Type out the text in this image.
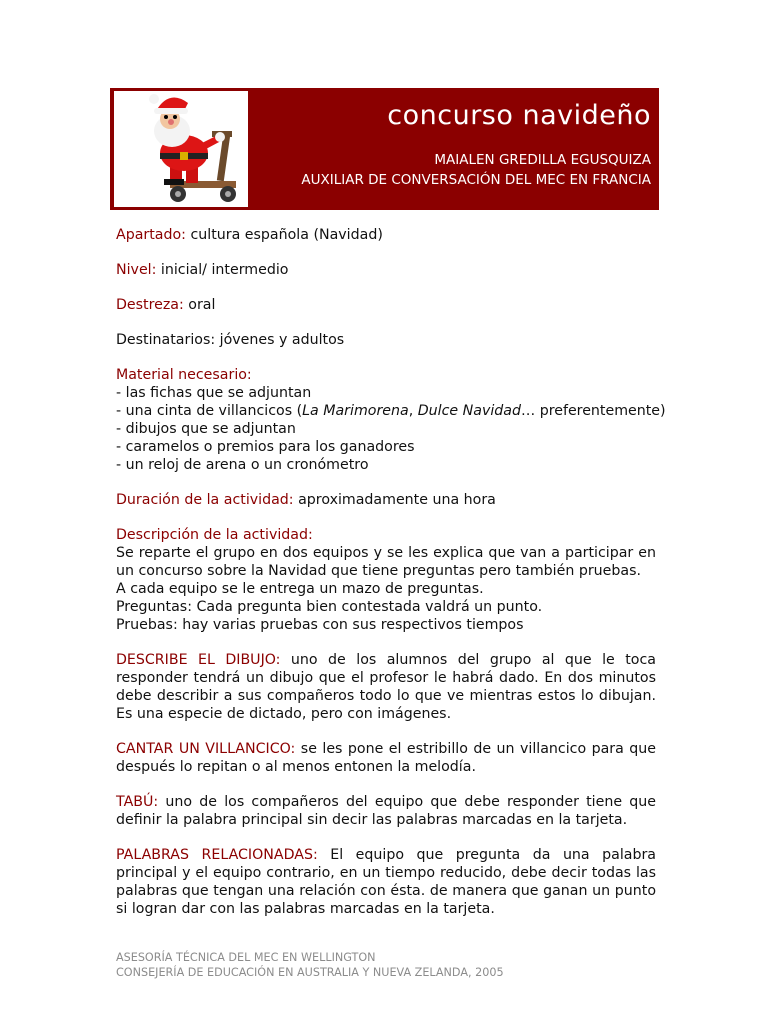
concurso navideño
MAIALEN GREDILLA EGUSQUIZA
AUXILIAR DE CONVERSACIÓN DEL MEC EN FRANCIA
Apartado: cultura española (Navidad)
Nivel: inicial/ intermedio
Destreza: oral
Destinatarios: jóvenes y adultos
Material necesario:
- las fichas que se adjuntan
- una cinta de villancicos (La Marimorena, Dulce Navidad… preferentemente)
- dibujos que se adjuntan
- caramelos o premios para los ganadores
- un reloj de arena o un cronómetro
Duración de la actividad: aproximadamente una hora
Descripción de la actividad:
Se reparte el grupo en dos equipos y se les explica que van a participar en un concurso sobre la Navidad que tiene preguntas pero también pruebas.
A cada equipo se le entrega un mazo de preguntas.
Preguntas: Cada pregunta bien contestada valdrá un punto.
Pruebas: hay varias pruebas con sus respectivos tiempos
DESCRIBE EL DIBUJO: uno de los alumnos del grupo al que le toca responder tendrá un dibujo que el profesor le habrá dado. En dos minutos debe describir a sus compañeros todo lo que ve mientras estos lo dibujan. Es una especie de dictado, pero con imágenes.
CANTAR UN VILLANCICO: se les pone el estribillo de un villancico para que después lo repitan o al menos entonen la melodía.
TABÚ: uno de los compañeros del equipo que debe responder tiene que definir la palabra principal sin decir las palabras marcadas en la tarjeta.
PALABRAS RELACIONADAS: El equipo que pregunta da una palabra principal y el equipo contrario, en un tiempo reducido, debe decir todas las palabras que tengan una relación con ésta. de manera que ganan un punto si logran dar con las palabras marcadas en la tarjeta.
ASESORÍA TÉCNICA DEL MEC EN WELLINGTON
CONSEJERÍA DE EDUCACIÓN EN AUSTRALIA Y NUEVA ZELANDA, 2005
